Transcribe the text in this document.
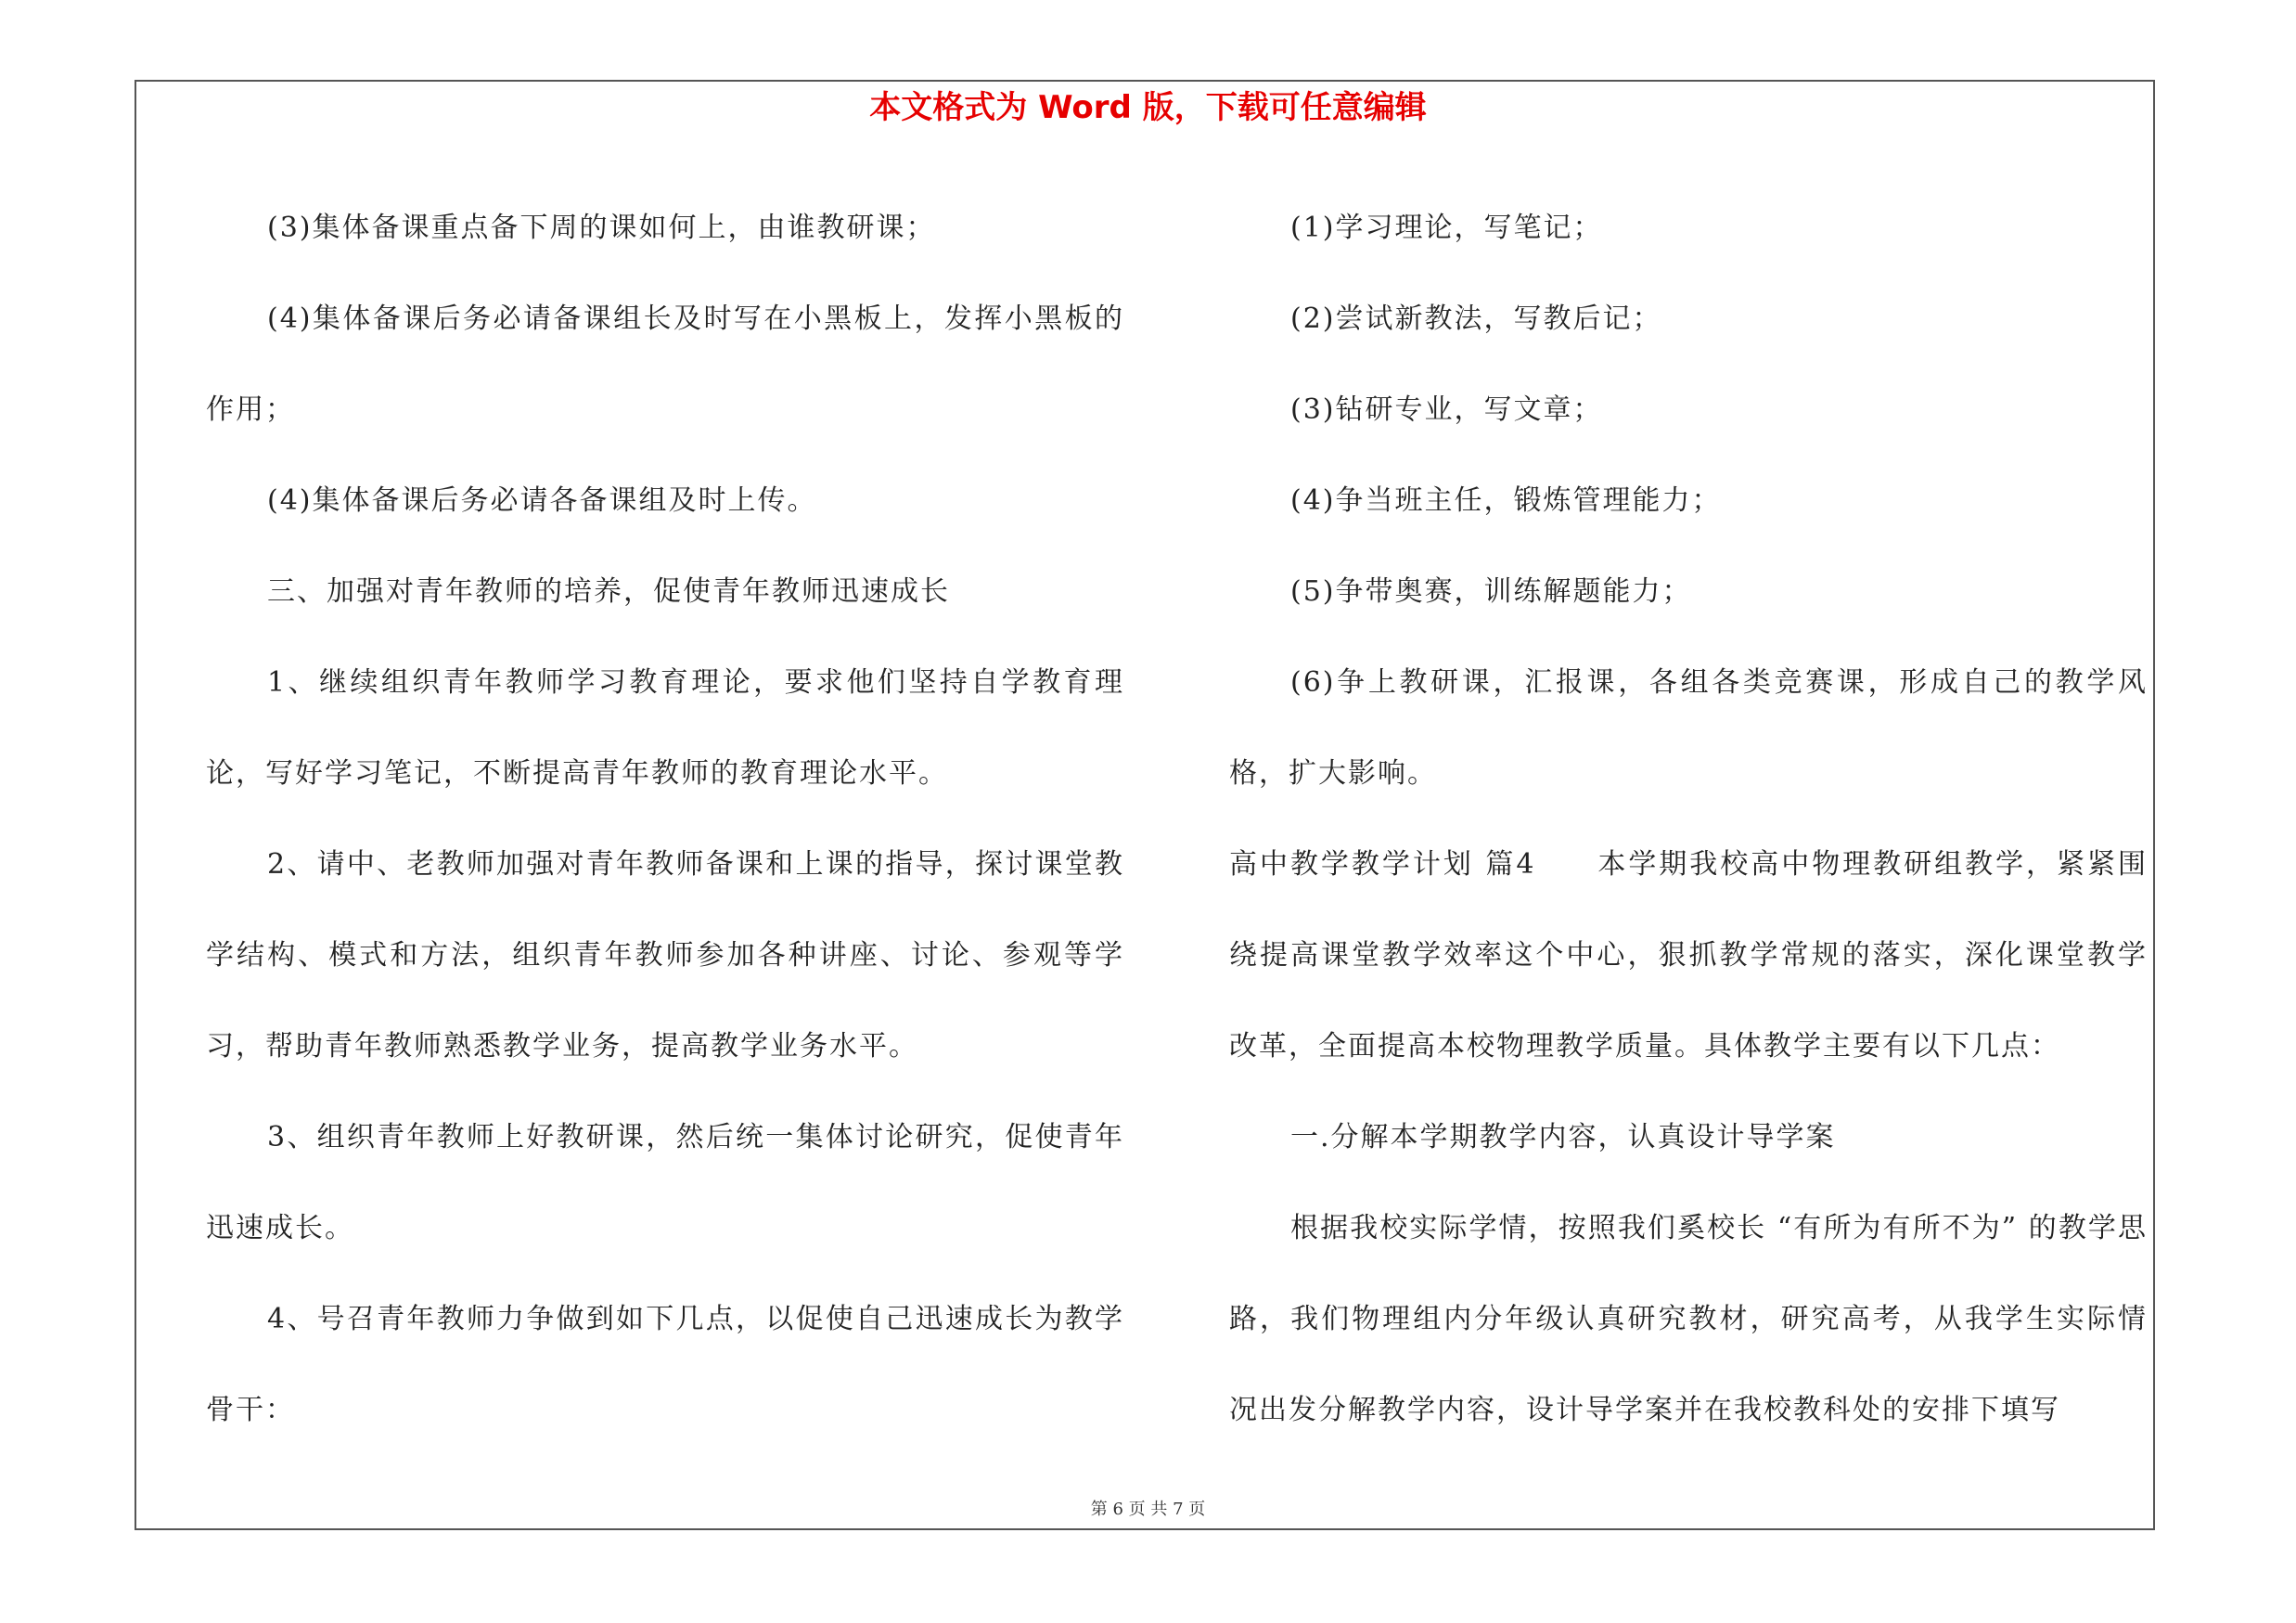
本文格式为 Word 版，下载可任意编辑

(3)集体备课重点备下周的课如何上，由谁教研课；

(4)集体备课后务必请备课组长及时写在小黑板上，发挥小黑板的作用；

(4)集体备课后务必请各备课组及时上传。

三、加强对青年教师的培养，促使青年教师迅速成长

1、继续组织青年教师学习教育理论，要求他们坚持自学教育理论，写好学习笔记，不断提高青年教师的教育理论水平。

2、请中、老教师加强对青年教师备课和上课的指导，探讨课堂教学结构、模式和方法，组织青年教师参加各种讲座、讨论、参观等学习，帮助青年教师熟悉教学业务，提高教学业务水平。

3、组织青年教师上好教研课，然后统一集体讨论研究，促使青年迅速成长。

4、号召青年教师力争做到如下几点，以促使自己迅速成长为教学骨干：

(1)学习理论，写笔记；

(2)尝试新教法，写教后记；

(3)钻研专业，写文章；

(4)争当班主任，锻炼管理能力；

(5)争带奥赛，训练解题能力；

(6)争上教研课，汇报课，各组各类竞赛课，形成自己的教学风格，扩大影响。

高中教学教学计划 篇4　　本学期我校高中物理教研组教学，紧紧围绕提高课堂教学效率这个中心，狠抓教学常规的落实，深化课堂教学改革，全面提高本校物理教学质量。具体教学主要有以下几点：

一.分解本学期教学内容，认真设计导学案

根据我校实际学情，按照我们奚校长 “有所为有所不为” 的教学思路，我们物理组内分年级认真研究教材，研究高考，从我学生实际情况出发分解教学内容，设计导学案并在我校教科处的安排下填写

第 6 页 共 7 页
